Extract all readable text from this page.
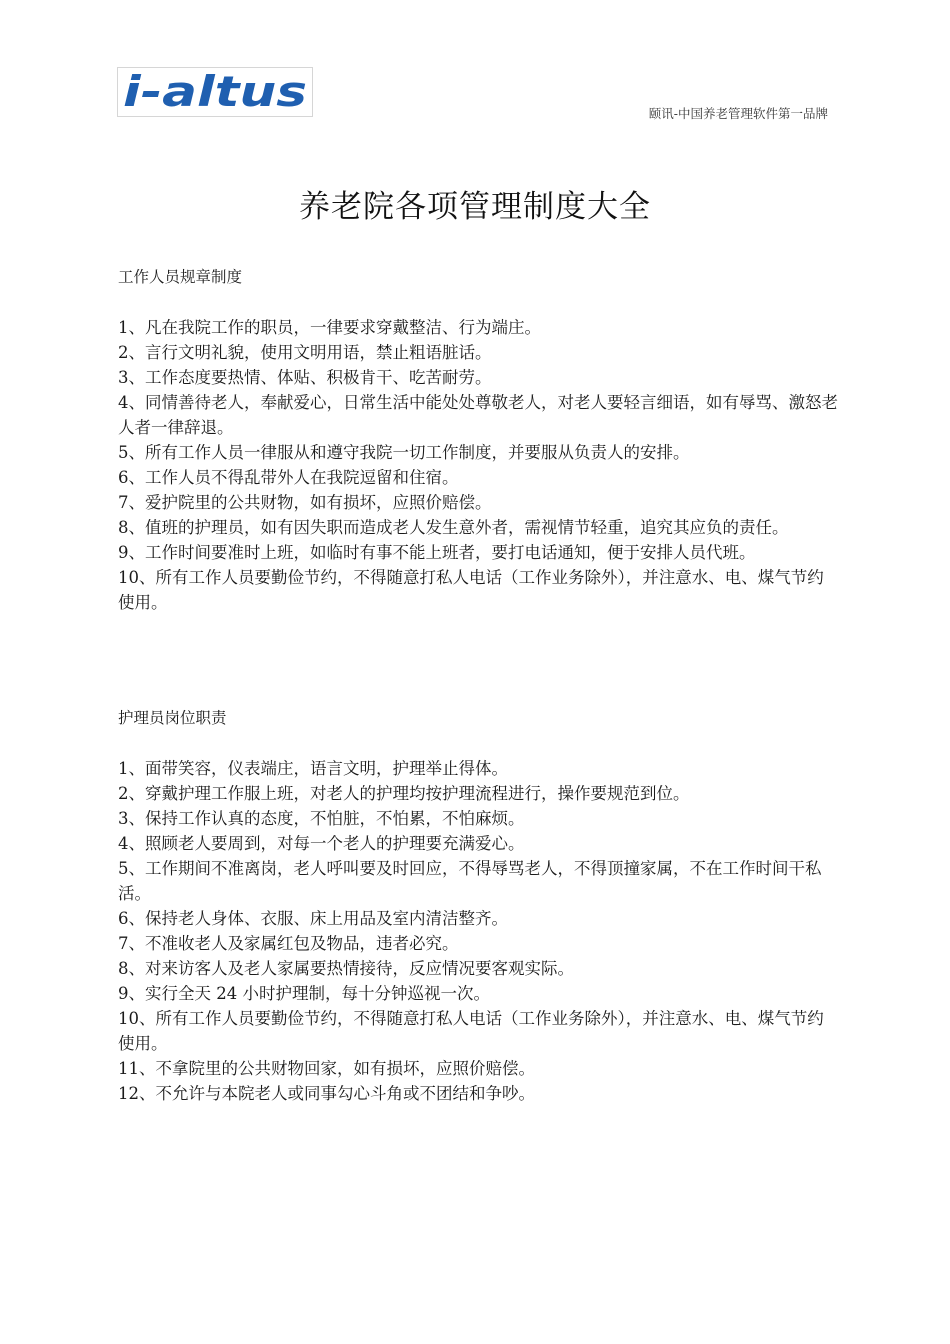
i-altus	颐讯-中国养老管理软件第一品牌
养老院各项管理制度大全
工作人员规章制度
1、凡在我院工作的职员，一律要求穿戴整洁、行为端庄。
2、言行文明礼貌，使用文明用语，禁止粗语脏话。
3、工作态度要热情、体贴、积极肯干、吃苦耐劳。
4、同情善待老人，奉献爱心，日常生活中能处处尊敬老人，对老人要轻言细语，如有辱骂、激怒老人者一律辞退。
5、所有工作人员一律服从和遵守我院一切工作制度，并要服从负责人的安排。
6、工作人员不得乱带外人在我院逗留和住宿。
7、爱护院里的公共财物，如有损坏，应照价赔偿。
8、值班的护理员，如有因失职而造成老人发生意外者，需视情节轻重，追究其应负的责任。
9、工作时间要准时上班，如临时有事不能上班者，要打电话通知，便于安排人员代班。
10、所有工作人员要勤俭节约，不得随意打私人电话（工作业务除外），并注意水、电、煤气节约使用。
护理员岗位职责
1、面带笑容，仪表端庄，语言文明，护理举止得体。
2、穿戴护理工作服上班，对老人的护理均按护理流程进行，操作要规范到位。
3、保持工作认真的态度，不怕脏，不怕累，不怕麻烦。
4、照顾老人要周到，对每一个老人的护理要充满爱心。
5、工作期间不准离岗，老人呼叫要及时回应，不得辱骂老人，不得顶撞家属，不在工作时间干私活。
6、保持老人身体、衣服、床上用品及室内清洁整齐。
7、不准收老人及家属红包及物品，违者必究。
8、对来访客人及老人家属要热情接待，反应情况要客观实际。
9、实行全天 24 小时护理制，每十分钟巡视一次。
10、所有工作人员要勤俭节约，不得随意打私人电话（工作业务除外），并注意水、电、煤气节约使用。
11、不拿院里的公共财物回家，如有损坏，应照价赔偿。
12、不允许与本院老人或同事勾心斗角或不团结和争吵。
